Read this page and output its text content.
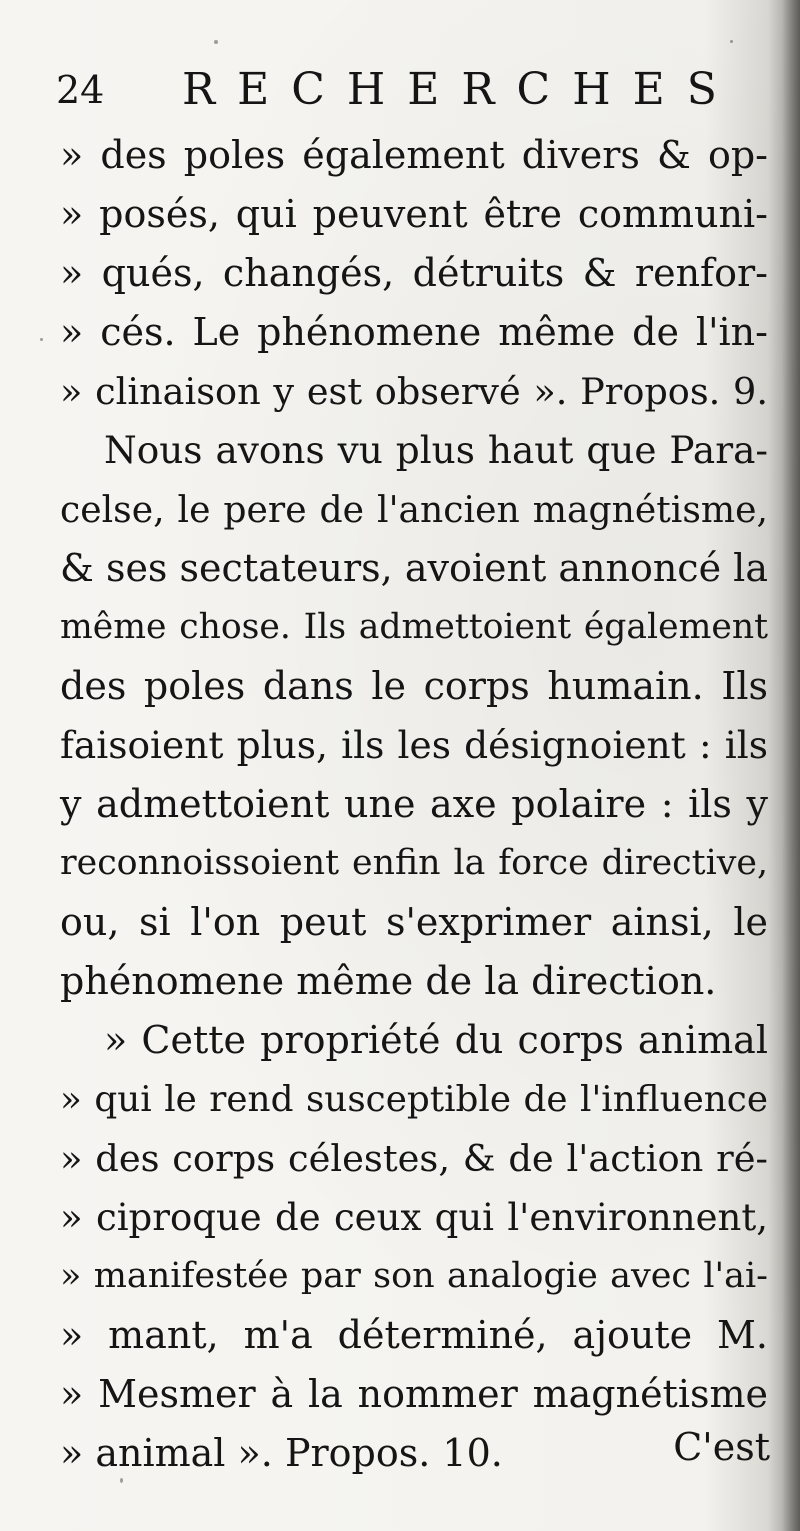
24 RECHERCHES
» des poles également divers & op-
» posés, qui peuvent être communi-
» qués, changés, détruits & renfor-
» cés. Le phénomene même de l'in-
» clinaison y est observé ». Propos. 9.
Nous avons vu plus haut que Para-
celse, le pere de l'ancien magnétisme,
& ses sectateurs, avoient annoncé la
même chose. Ils admettoient également
des poles dans le corps humain. Ils
faisoient plus, ils les désignoient : ils
y admettoient une axe polaire : ils y
reconnoissoient enfin la force directive,
ou, si l'on peut s'exprimer ainsi, le
phénomene même de la direction.
» Cette propriété du corps animal
» qui le rend susceptible de l'influence
» des corps célestes, & de l'action ré-
» ciproque de ceux qui l'environnent,
» manifestée par son analogie avec l'ai-
» mant, m'a déterminé, ajoute M.
» Mesmer à la nommer magnétisme
» animal ». Propos. 10.	C'est
